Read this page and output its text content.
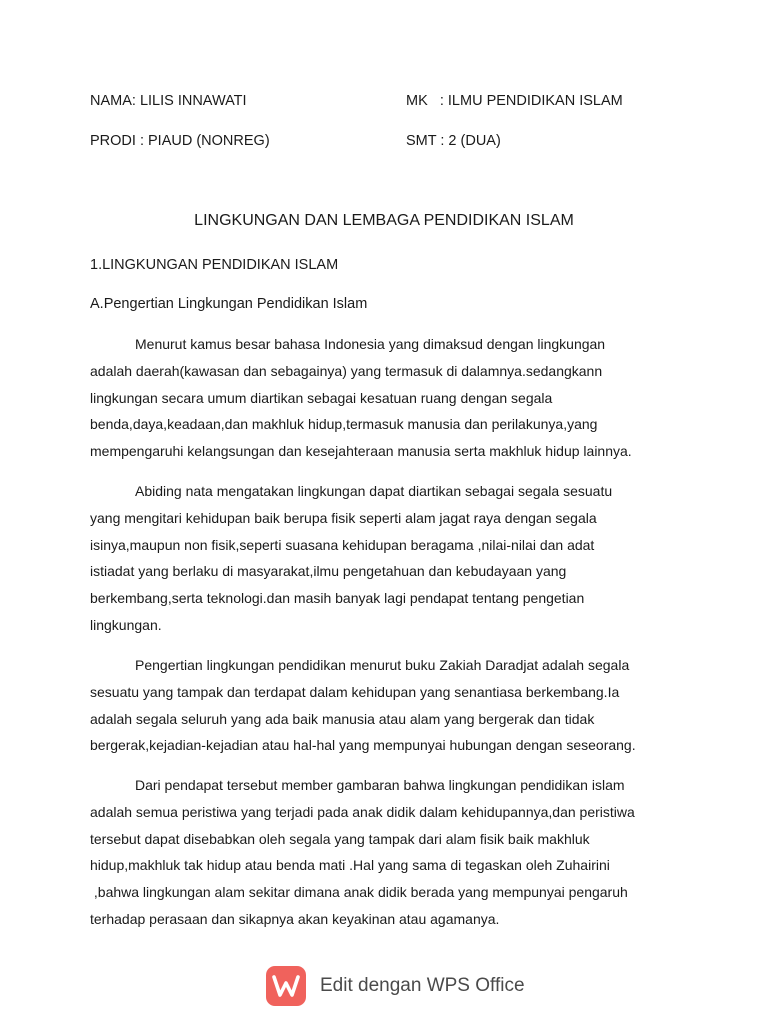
NAMA: LILIS INNAWATI	MK   : ILMU PENDIDIKAN ISLAM
PRODI : PIAUD (NONREG)	SMT : 2 (DUA)
LINGKUNGAN DAN LEMBAGA PENDIDIKAN ISLAM
1.LINGKUNGAN PENDIDIKAN ISLAM
A.Pengertian Lingkungan Pendidikan Islam
Menurut kamus besar bahasa Indonesia yang dimaksud dengan lingkungan
adalah daerah(kawasan dan sebagainya) yang termasuk di dalamnya.sedangkann
lingkungan secara umum diartikan sebagai kesatuan ruang dengan segala
benda,daya,keadaan,dan makhluk hidup,termasuk manusia dan perilakunya,yang
mempengaruhi kelangsungan dan kesejahteraan manusia serta makhluk hidup lainnya.
Abiding nata mengatakan lingkungan dapat diartikan sebagai segala sesuatu
yang mengitari kehidupan baik berupa fisik seperti alam jagat raya dengan segala
isinya,maupun non fisik,seperti suasana kehidupan beragama ,nilai-nilai dan adat
istiadat yang berlaku di masyarakat,ilmu pengetahuan dan kebudayaan yang
berkembang,serta teknologi.dan masih banyak lagi pendapat tentang pengetian
lingkungan.
Pengertian lingkungan pendidikan menurut buku Zakiah Daradjat adalah segala
sesuatu yang tampak dan terdapat dalam kehidupan yang senantiasa berkembang.Ia
adalah segala seluruh yang ada baik manusia atau alam yang bergerak dan tidak
bergerak,kejadian-kejadian atau hal-hal yang mempunyai hubungan dengan seseorang.
Dari pendapat tersebut member gambaran bahwa lingkungan pendidikan islam
adalah semua peristiwa yang terjadi pada anak didik dalam kehidupannya,dan peristiwa
tersebut dapat disebabkan oleh segala yang tampak dari alam fisik baik makhluk
hidup,makhluk tak hidup atau benda mati .Hal yang sama di tegaskan oleh Zuhairini
,bahwa lingkungan alam sekitar dimana anak didik berada yang mempunyai pengaruh
terhadap perasaan dan sikapnya akan keyakinan atau agamanya.
Edit dengan WPS Office
